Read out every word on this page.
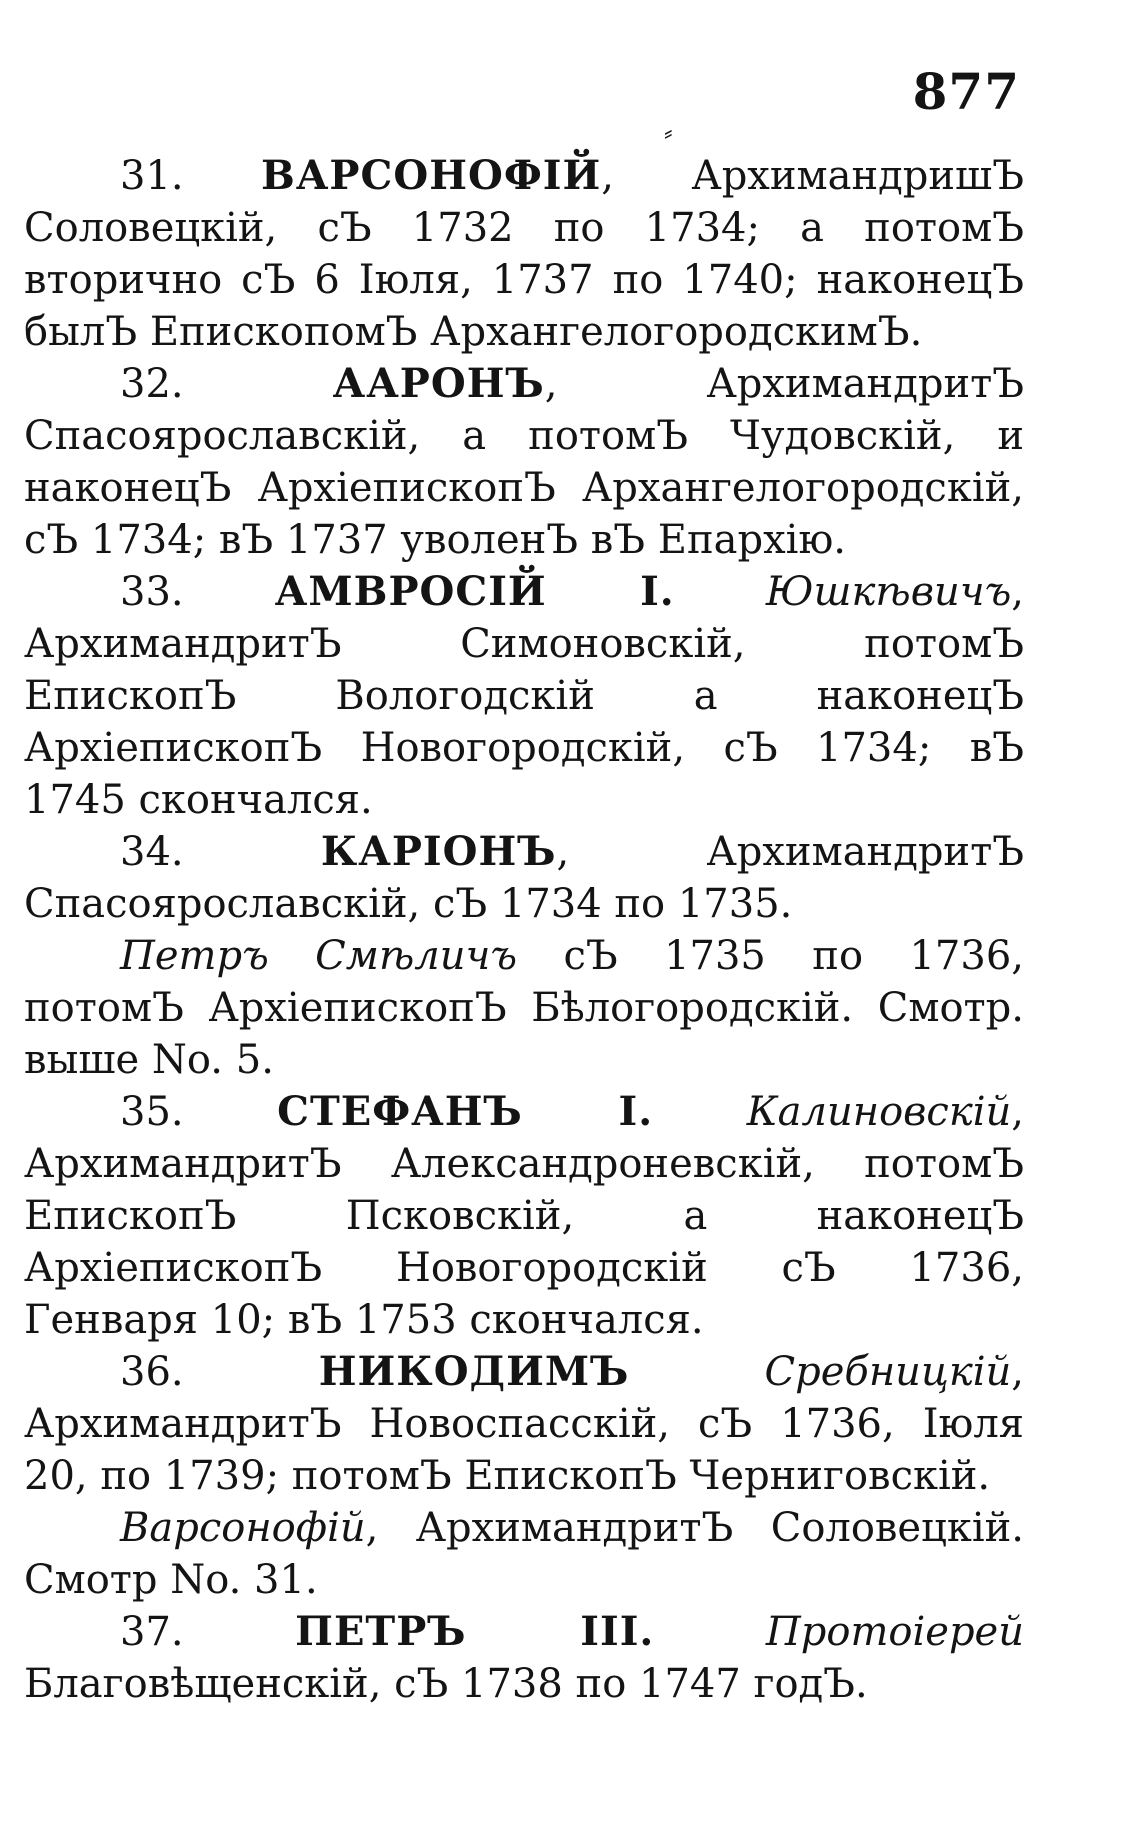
877
⸗

31. ВАРСОНОФІЙ, АрхимандришЪ Соловецкій, сЪ 1732 по 1734; а потомЪ вторично сЪ 6 Іюля, 1737 по 1740; наконецЪ былЪ ЕпископомЪ АрхангелогородскимЪ.

32.	ААРОНЪ, АрхимандритЪ Спасоярославскій, а потомЪ Чудовскій, и наконецЪ АрхіепископЪ Архангелогородскій, сЪ 1734; вЪ 1737 уволенЪ вЪ Епархію.

33. АМВРОСІЙ I. Юшкѣвичъ, АрхимандритЪ Симоновскій, потомЪ ЕпископЪ Вологодскій а наконецЪ АрхіепископЪ Новогородскій, сЪ 1734; вЪ 1745 скончался.

34.	КАРІОНЪ, АрхимандритЪ Спасоярославскій, сЪ 1734 по 1735.

Петръ Смѣличъ сЪ 1735 по 1736, потомЪ АрхіепископЪ Бѣлогородскій. Смотр. выше No. 5.

35. СТЕФАНЪ I. Калиновскій, АрхимандритЪ Александроневскій, потомЪ ЕпископЪ Псковскій, а наконецЪ АрхіепископЪ Новогородскій сЪ 1736, Генваря 10; вЪ 1753 скончался.

36.	НИКОДИМЪ	Сребницкій, АрхимандритЪ Новоспасскій, сЪ 1736, Іюля 20, по 1739; потомЪ ЕпископЪ Черниговскій.

Варсонофій, АрхимандритЪ Соловецкій. Смотр No. 31.

37.	ПЕТРЪ III.	Протоіерей Благовѣщенскій, сЪ 1738 по 1747 годЪ.
